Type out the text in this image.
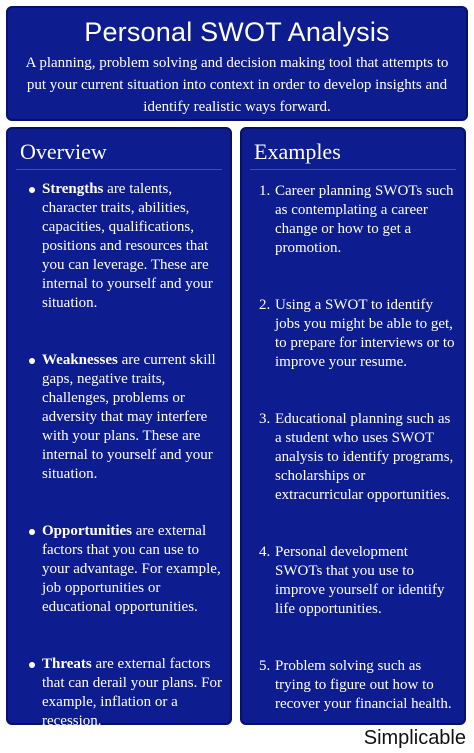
Personal SWOT Analysis
A planning, problem solving and decision making tool that attempts to put your current situation into context in order to develop insights and identify realistic ways forward.
Overview
Strengths are talents, character traits, abilities, capacities, qualifications, positions and resources that you can leverage. These are internal to yourself and your situation.
Weaknesses are current skill gaps, negative traits, challenges, problems or adversity that may interfere with your plans. These are internal to yourself and your situation.
Opportunities are external factors that you can use to your advantage. For example, job opportunities or educational opportunities.
Threats are external factors that can derail your plans. For example, inflation or a recession.
Examples
1. Career planning SWOTs such as contemplating a career change or how to get a promotion.
2. Using a SWOT to identify jobs you might be able to get, to prepare for interviews or to improve your resume.
3. Educational planning such as a student who uses SWOT analysis to identify programs, scholarships or extracurricular opportunities.
4. Personal development SWOTs that you use to improve yourself or identify life opportunities.
5. Problem solving such as trying to figure out how to recover your financial health.
Simplicable
